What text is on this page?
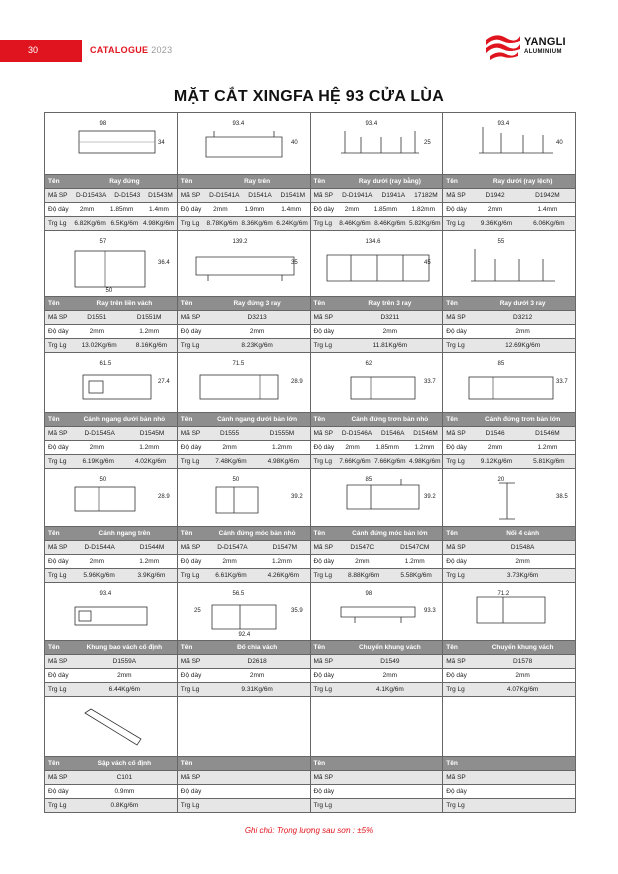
30	CATALOGUE 2023
YANGLI
ALUMINIUM
MẶT CẮT XINGFA HỆ 93 CỬA LÙA
98
34
93.4
40
93.4
25
93.4
40
Tên	Ray đứng	Tên	Ray trên	Tên	Ray dưới (ray bằng)	Tên	Ray dưới (ray lệch)
Mã SP	D-D1543A D-D1543 D1543M	Mã SP	D-D1541A D1541A D1541M	Mã SP	D-D1941A D1941A 17182M	Mã SP	D1942	D1942M
Độ dày	2mm 1.85mm 1.4mm	Độ dày	2mm	1.9mm	1.4mm	Độ dày	2mm 1.85mm 1.82mm	Độ dày	2mm	1.4mm
Trg Lg	6.82Kg/6m 6.5Kg/6m 4.98Kg/6m Trg Lg	8.78Kg/6m 8.36Kg/6m 6.24Kg/6m Trg Lg	8.46Kg/6m 8.46Kg/6m 5.82Kg/6m Trg Lg	9.36Kg/6m	6.06Kg/6m
57
36.4
50
139.2
35
134.6
45
55
Tên	Ray trên liền vách	Tên	Ray đứng 3 ray	Tên	Ray trên 3 ray	Tên	Ray dưới 3 ray
Mã SP	D1551	D1551M	Mã SP	D3213	Mã SP	D3211	Mã SP	D3212
Độ dày	2mm	1.2mm	Độ dày	2mm	Độ dày	2mm	Độ dày	2mm
Trg Lg	13.02Kg/6m	8.16Kg/6m	Trg Lg	8.23Kg/6m	Trg Lg	11.81Kg/6m	Trg Lg	12.69Kg/6m
61.5
27.4
71.5
28.9
62
33.7
85
33.7
Tên	Cánh ngang dưới bản nhỏ	Tên	Cánh ngang dưới bản lớn	Tên	Cánh đứng trơn bản nhỏ	Tên	Cánh đứng trơn bản lớn
Mã SP	D-D1545A	D1545M	Mã SP	D1555	D1555M	Mã SP	D-D1546A D1546A D1546M	Mã SP	D1546	D1546M
Độ dày	2mm	1.2mm	Độ dày	2mm	1.2mm	Độ dày	2mm 1.85mm 1.2mm	Độ dày	2mm	1.2mm
Trg Lg	6.19Kg/6m	4.02Kg/6m	Trg Lg	7.48Kg/6m	4.98Kg/6m	Trg Lg	7.66Kg/6m 7.66Kg/6m 4.98Kg/6m Trg Lg	9.12Kg/6m	5.81Kg/6m
50
28.9
50
39.2
85
39.2
20
38.5
Tên	Cánh ngang trên	Tên	Cánh đứng móc bản nhỏ	Tên	Cánh đứng móc bản lớn	Tên	Nối 4 cánh
Mã SP	D-D1544A	D1544M	Mã SP	D-D1547A	D1547M	Mã SP	D1547C	D1547CM	Mã SP	D1548A
Độ dày	2mm	1.2mm	Độ dày	2mm	1.2mm	Độ dày	2mm	1.2mm	Độ dày	2mm
Trg Lg	5.96Kg/6m	3.9Kg/6m	Trg Lg	6.61Kg/6m	4.26Kg/6m	Trg Lg	8.88Kg/6m	5.58Kg/6m	Trg Lg	3.73Kg/6m
93.4	56.5
35.9
92.4
25
98
93.3
71.2
Tên	Khung bao vách cố định	Tên	Đố chia vách	Tên	Chuyển khung vách	Tên	Chuyển khung vách
Mã SP	D1559A	Mã SP	D2618	Mã SP	D1549	Mã SP	D1578
Độ dày	2mm	Độ dày	2mm	Độ dày	2mm	Độ dày	2mm
Trg Lg	6.44Kg/6m	Trg Lg	9.31Kg/6m	Trg Lg	4.1Kg/6m	Trg Lg	4.07Kg/6m
Tên	Sập vách cố định	Tên	Tên	Tên
Mã SP	C101	Mã SP	Mã SP	Mã SP
Độ dày	0.9mm	Độ dày	Độ dày	Độ dày
Trg Lg	0.8Kg/6m	Trg Lg	Trg Lg	Trg Lg
Ghi chú: Trọng lượng sau sơn : ±5%
